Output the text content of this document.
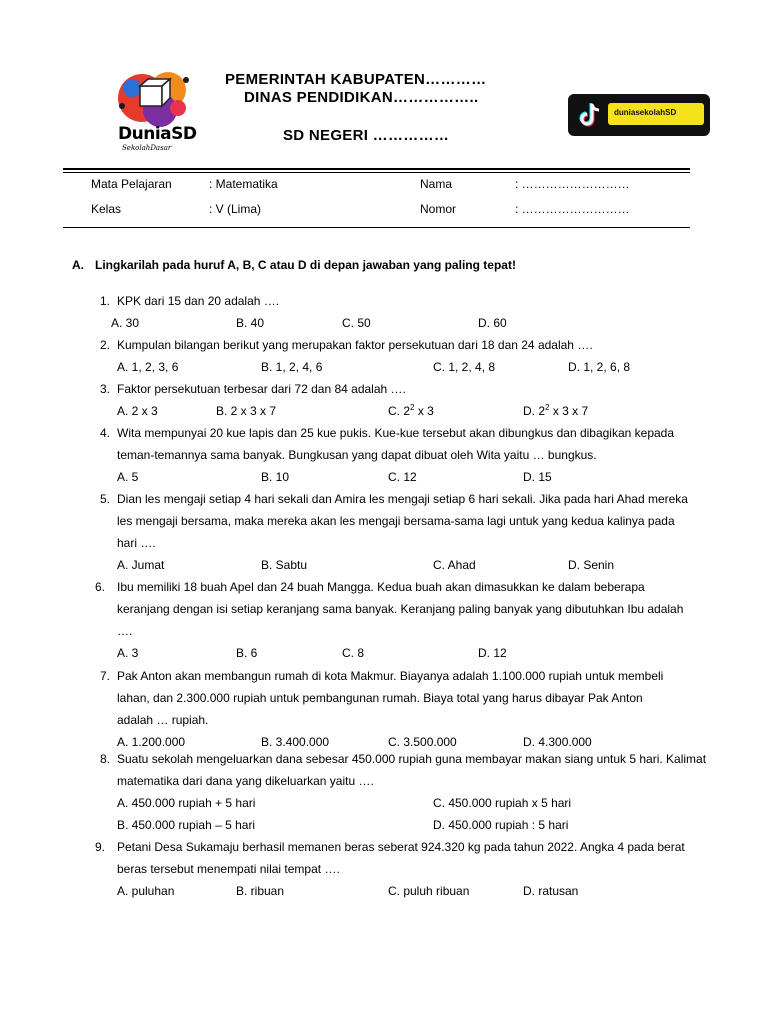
DuniaSD
SekolahDasar
PEMERINTAH KABUPATEN…………
DINAS PENDIDIKAN……………..
SD NEGERI ……………
duniasekolahSD
Mata Pelajaran	: Matematika	Nama	: ………………………
Kelas	: V (Lima)	Nomor	: ………………………
A. Lingkarilah pada huruf A, B, C atau D di depan jawaban yang paling tepat!
1. KPK dari 15 dan 20 adalah ….
A. 30	B. 40	C. 50	D. 60
2. Kumpulan bilangan berikut yang merupakan faktor persekutuan dari 18 dan 24 adalah ….
A. 1, 2, 3, 6	B. 1, 2, 4, 6	C. 1, 2, 4, 8	D. 1, 2, 6, 8
3. Faktor persekutuan terbesar dari 72 dan 84 adalah ….
A. 2 x 3	B. 2 x 3 x 7	C. $2^2$ x 3	D. $2^2$ x 3 x 7
4. Wita mempunyai 20 kue lapis dan 25 kue pukis. Kue-kue tersebut akan dibungkus dan dibagikan kepada
teman-temannya sama banyak. Bungkusan yang dapat dibuat oleh Wita yaitu … bungkus.
A. 5	B. 10	C. 12	D. 15
5. Dian les mengaji setiap 4 hari sekali dan Amira les mengaji setiap 6 hari sekali. Jika pada hari Ahad mereka
les mengaji bersama, maka mereka akan les mengaji bersama-sama lagi untuk yang kedua kalinya pada
hari ….
A. Jumat	B. Sabtu	C. Ahad	D. Senin
6. Ibu memiliki 18 buah Apel dan 24 buah Mangga. Kedua buah akan dimasukkan ke dalam beberapa
keranjang dengan isi setiap keranjang sama banyak. Keranjang paling banyak yang dibutuhkan Ibu adalah
….
A. 3	B. 6	C. 8	D. 12
7. Pak Anton akan membangun rumah di kota Makmur. Biayanya adalah 1.100.000 rupiah untuk membeli
lahan, dan 2.300.000 rupiah untuk pembangunan rumah. Biaya total yang harus dibayar Pak Anton
adalah … rupiah.
A. 1.200.000	B. 3.400.000	C. 3.500.000	D. 4.300.000
8. Suatu sekolah mengeluarkan dana sebesar 450.000 rupiah guna membayar makan siang untuk 5 hari. Kalimat
matematika dari dana yang dikeluarkan yaitu ….
A. 450.000 rupiah + 5 hari	C. 450.000 rupiah x 5 hari
B. 450.000 rupiah – 5 hari	D. 450.000 rupiah : 5 hari
9. Petani Desa Sukamaju berhasil memanen beras seberat 924.320 kg pada tahun 2022. Angka 4 pada berat
beras tersebut menempati nilai tempat ….
A. puluhan	B. ribuan	C. puluh ribuan	D. ratusan
